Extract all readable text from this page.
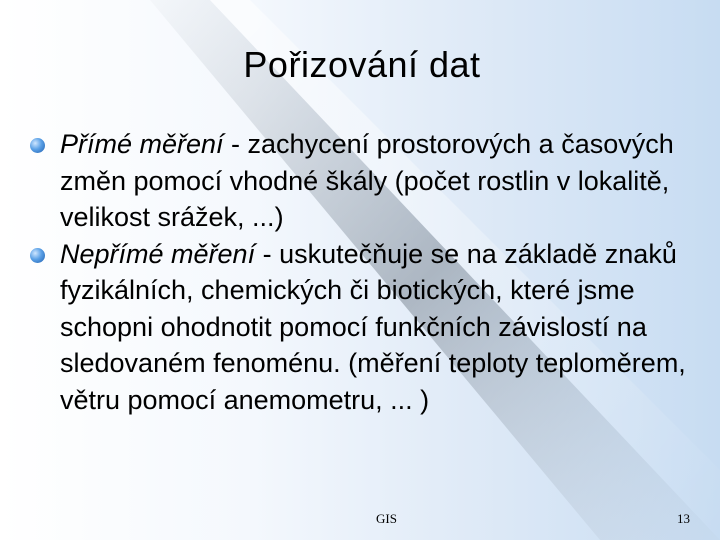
Pořizování dat
Přímé měření - zachycení prostorových a časových změn pomocí vhodné škály (počet rostlin v lokalitě, velikost srážek, ...)
Nepřímé měření - uskutečňuje se na základě znaků fyzikálních, chemických či biotických, které jsme schopni ohodnotit pomocí funkčních závislostí na sledovaném fenoménu. (měření teploty teploměrem, větru pomocí anemometru, ... )
GIS	13
